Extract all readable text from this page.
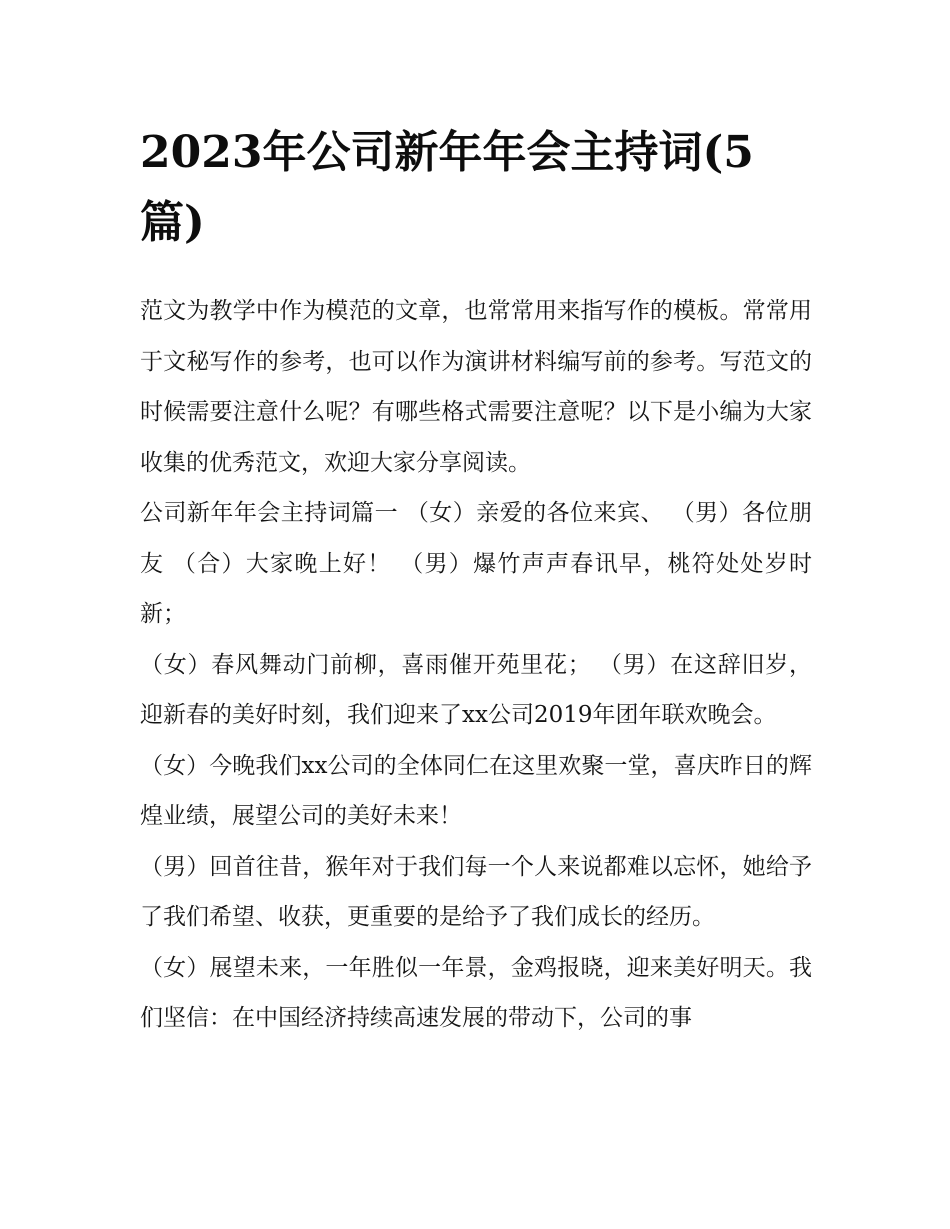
2023年公司新年年会主持词(5篇)

范文为教学中作为模范的文章，也常常用来指写作的模板。常常用于文秘写作的参考，也可以作为演讲材料编写前的参考。写范文的时候需要注意什么呢？有哪些格式需要注意呢？以下是小编为大家收集的优秀范文，欢迎大家分享阅读。

公司新年年会主持词篇一 （女）亲爱的各位来宾、 （男）各位朋友 （合）大家晚上好！ （男）爆竹声声春讯早，桃符处处岁时新；

（女）春风舞动门前柳，喜雨催开苑里花； （男）在这辞旧岁，迎新春的美好时刻，我们迎来了xx公司2019年团年联欢晚会。

（女）今晚我们xx公司的全体同仁在这里欢聚一堂，喜庆昨日的辉煌业绩，展望公司的美好未来！

（男）回首往昔，猴年对于我们每一个人来说都难以忘怀，她给予了我们希望、收获，更重要的是给予了我们成长的经历。

（女）展望未来，一年胜似一年景，金鸡报晓，迎来美好明天。我们坚信：在中国经济持续高速发展的带动下，公司的事
